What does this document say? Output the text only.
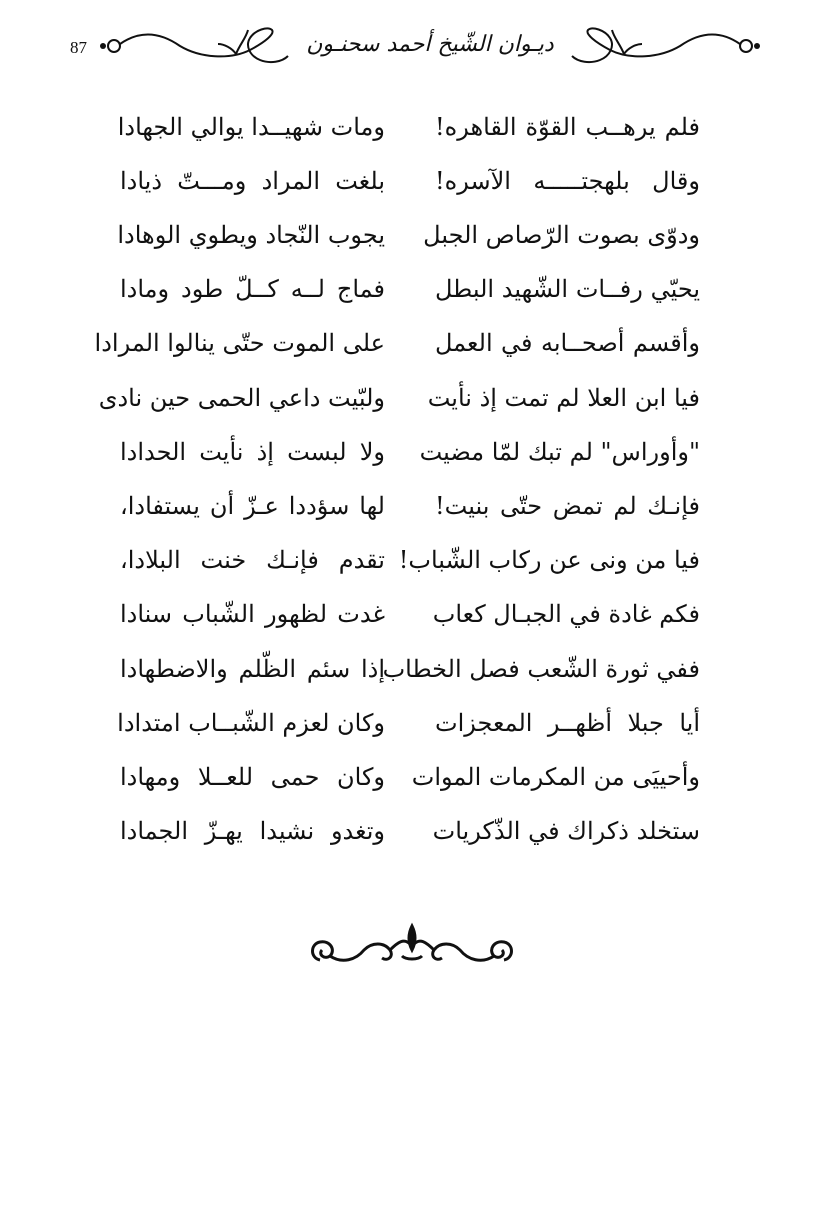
87	ديـوان الشّيخ أحمد سحنـون
فلم يرهــب القوّة القاهره!
ومات شهيــدا يوالي الجهادا
وقال بلهجتـــــه الآسره!
بلغت المراد ومـــتّ ذيادا
ودوّى بصوت الرّصاص الجبل
يجوب النّجاد ويطوي الوهادا
يحيّي رفــات الشّهيد البطل
فماج لــه كــلّ طود ومادا
وأقسم أصحــابه في العمل
على الموت حتّى ينالوا المرادا
فيا ابن العلا لم تمت إذ نأيت
ولبّيت داعي الحمى حين نادى
"وأوراس" لم تبك لمّا مضيت
ولا لبست إذ نأيت الحدادا
فإنـك لم تمض حتّى بنيت!
لها سؤددا عـزّ أن يستفادا،
فيا من ونى عن ركاب الشّباب!
تقدم فإنـك خنت البلادا،
فكم غادة في الجبـال كعاب
غدت لظهور الشّباب سنادا
ففي ثورة الشّعب فصل الخطاب
إذا سئم الظّلم والاضطهادا
أيا جبلا أظهــر المعجزات
وكان لعزم الشّبــاب امتدادا
وأحييَى من المكرمات الموات
وكان حمى للعــلا ومهادا
ستخلد ذكراك في الذّكريات
وتغدو نشيدا يهـزّ الجمادا
